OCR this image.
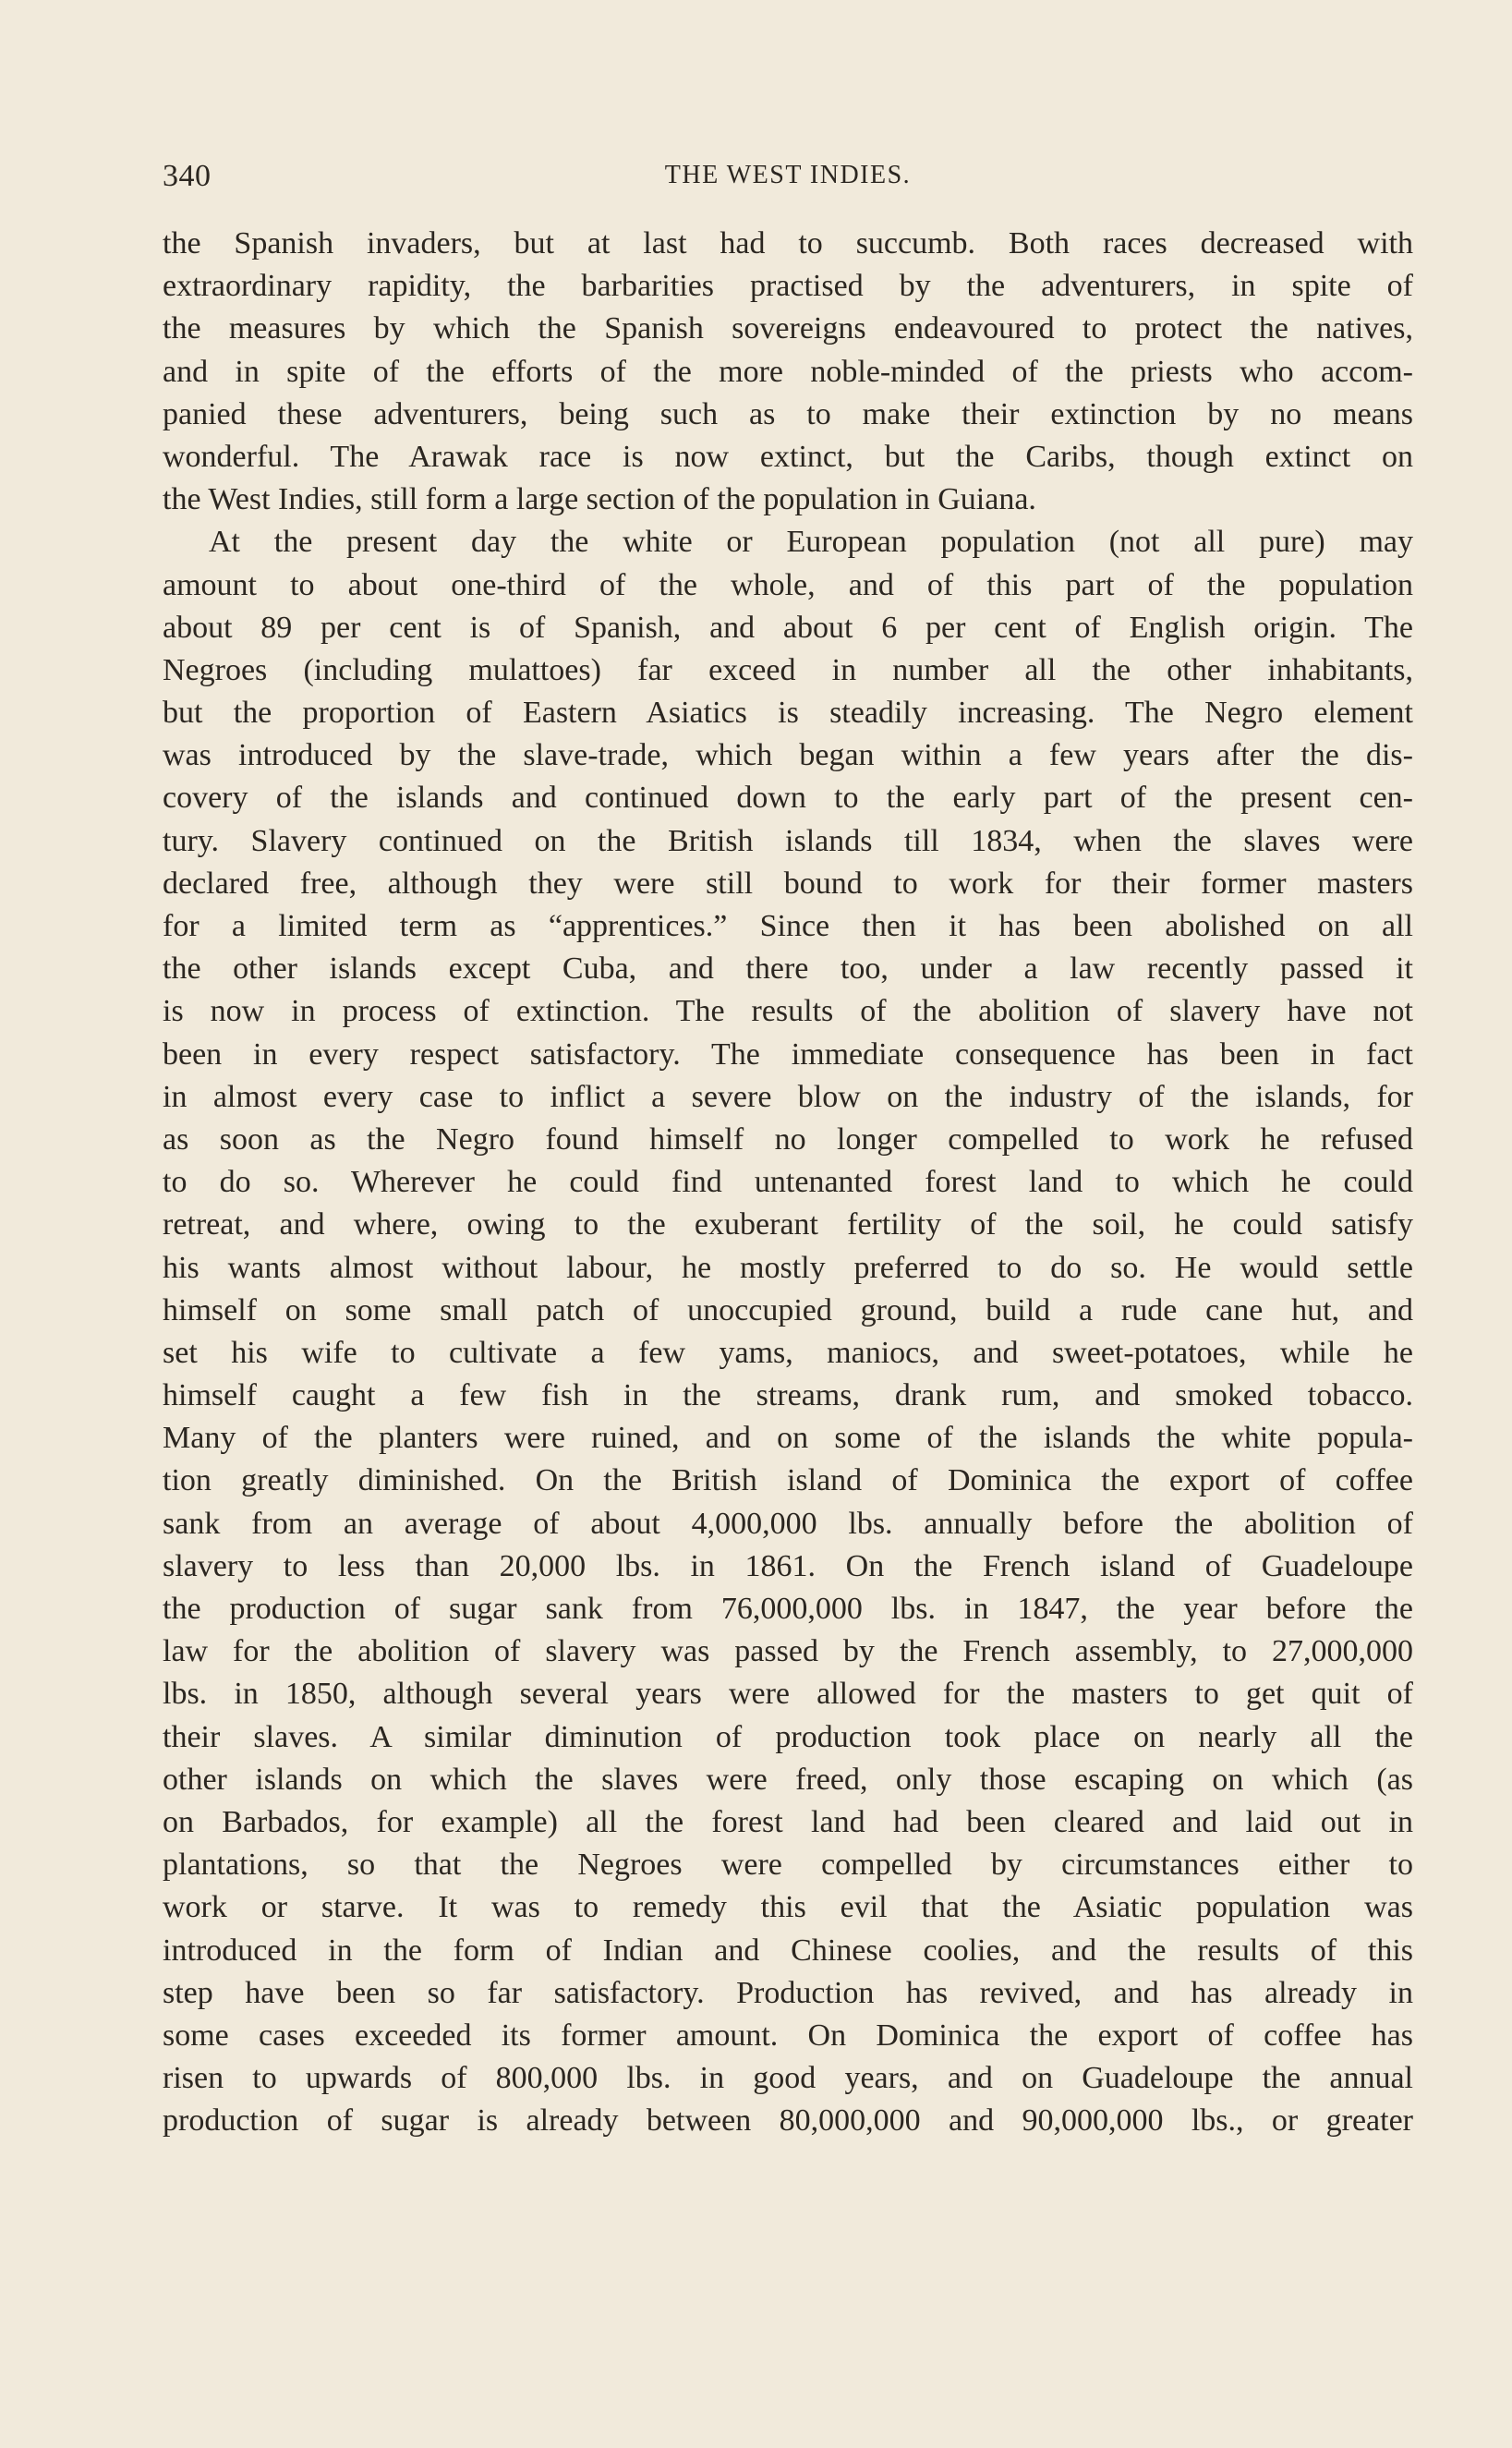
340	THE WEST INDIES.
the Spanish invaders, but at last had to succumb. Both races decreased with
extraordinary rapidity, the barbarities practised by the adventurers, in spite of
the measures by which the Spanish sovereigns endeavoured to protect the natives,
and in spite of the efforts of the more noble-minded of the priests who accom-
panied these adventurers, being such as to make their extinction by no means
wonderful. The Arawak race is now extinct, but the Caribs, though extinct on
the West Indies, still form a large section of the population in Guiana.
At the present day the white or European population (not all pure) may
amount to about one-third of the whole, and of this part of the population
about 89 per cent is of Spanish, and about 6 per cent of English origin. The
Negroes (including mulattoes) far exceed in number all the other inhabitants,
but the proportion of Eastern Asiatics is steadily increasing. The Negro element
was introduced by the slave-trade, which began within a few years after the dis-
covery of the islands and continued down to the early part of the present cen-
tury. Slavery continued on the British islands till 1834, when the slaves were
declared free, although they were still bound to work for their former masters
for a limited term as “apprentices.” Since then it has been abolished on all
the other islands except Cuba, and there too, under a law recently passed it
is now in process of extinction. The results of the abolition of slavery have not
been in every respect satisfactory. The immediate consequence has been in fact
in almost every case to inflict a severe blow on the industry of the islands, for
as soon as the Negro found himself no longer compelled to work he refused
to do so. Wherever he could find untenanted forest land to which he could
retreat, and where, owing to the exuberant fertility of the soil, he could satisfy
his wants almost without labour, he mostly preferred to do so. He would settle
himself on some small patch of unoccupied ground, build a rude cane hut, and
set his wife to cultivate a few yams, maniocs, and sweet-potatoes, while he
himself caught a few fish in the streams, drank rum, and smoked tobacco.
Many of the planters were ruined, and on some of the islands the white popula-
tion greatly diminished. On the British island of Dominica the export of coffee
sank from an average of about 4,000,000 lbs. annually before the abolition of
slavery to less than 20,000 lbs. in 1861. On the French island of Guadeloupe
the production of sugar sank from 76,000,000 lbs. in 1847, the year before the
law for the abolition of slavery was passed by the French assembly, to 27,000,000
lbs. in 1850, although several years were allowed for the masters to get quit of
their slaves. A similar diminution of production took place on nearly all the
other islands on which the slaves were freed, only those escaping on which (as
on Barbados, for example) all the forest land had been cleared and laid out in
plantations, so that the Negroes were compelled by circumstances either to
work or starve. It was to remedy this evil that the Asiatic population was
introduced in the form of Indian and Chinese coolies, and the results of this
step have been so far satisfactory. Production has revived, and has already in
some cases exceeded its former amount. On Dominica the export of coffee has
risen to upwards of 800,000 lbs. in good years, and on Guadeloupe the annual
production of sugar is already between 80,000,000 and 90,000,000 lbs., or greater
